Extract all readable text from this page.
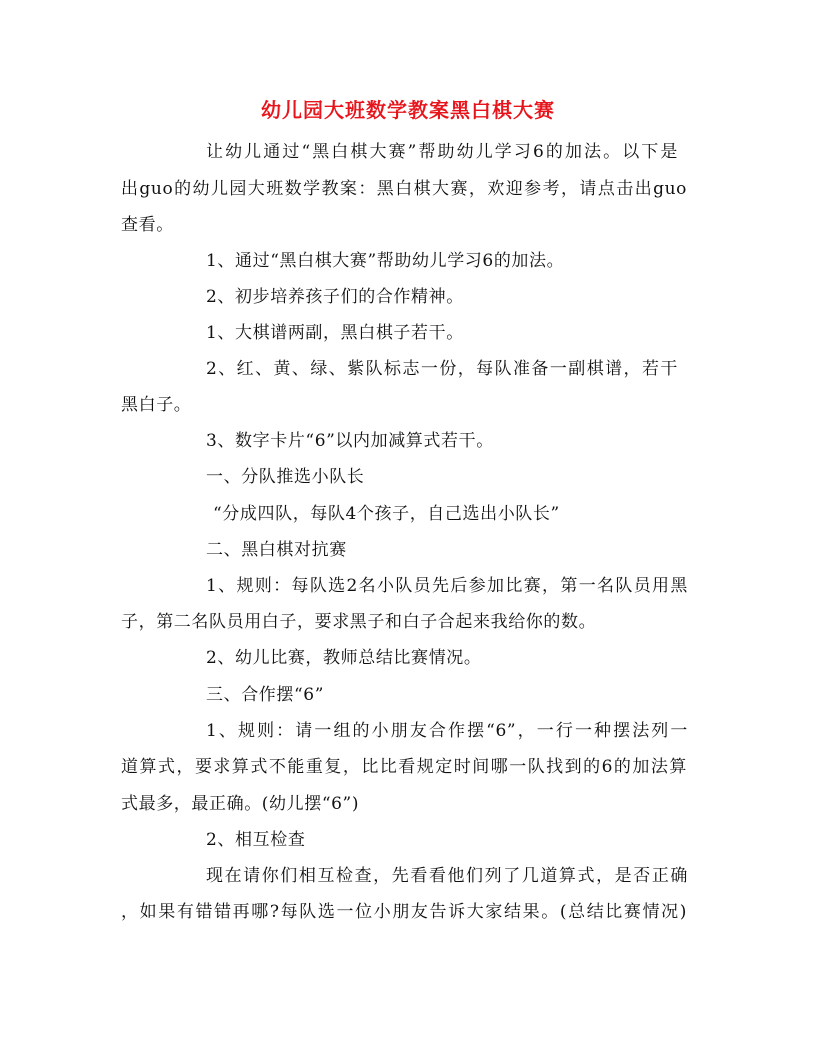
幼儿园大班数学教案黑白棋大赛
让幼儿通过“黑白棋大赛”帮助幼儿学习6的加法。以下是
出guo的幼儿园大班数学教案：黑白棋大赛，欢迎参考，请点击出guo
查看。
1、通过“黑白棋大赛”帮助幼儿学习6的加法。
2、初步培养孩子们的合作精神。
1、大棋谱两副，黑白棋子若干。
2、红、黄、绿、紫队标志一份，每队准备一副棋谱，若干
黑白子。
3、数字卡片“6”以内加减算式若干。
一、分队推选小队长
“分成四队，每队4个孩子，自己选出小队长”
二、黑白棋对抗赛
1、规则：每队选2名小队员先后参加比赛，第一名队员用黑
子，第二名队员用白子，要求黑子和白子合起来我给你的数。
2、幼儿比赛，教师总结比赛情况。
三、合作摆“6”
1、规则：请一组的小朋友合作摆“6”，一行一种摆法列一
道算式，要求算式不能重复，比比看规定时间哪一队找到的6的加法算
式最多，最正确。(幼儿摆“6”)
2、相互检查
现在请你们相互检查，先看看他们列了几道算式，是否正确
，如果有错错再哪?每队选一位小朋友告诉大家结果。(总结比赛情况)
